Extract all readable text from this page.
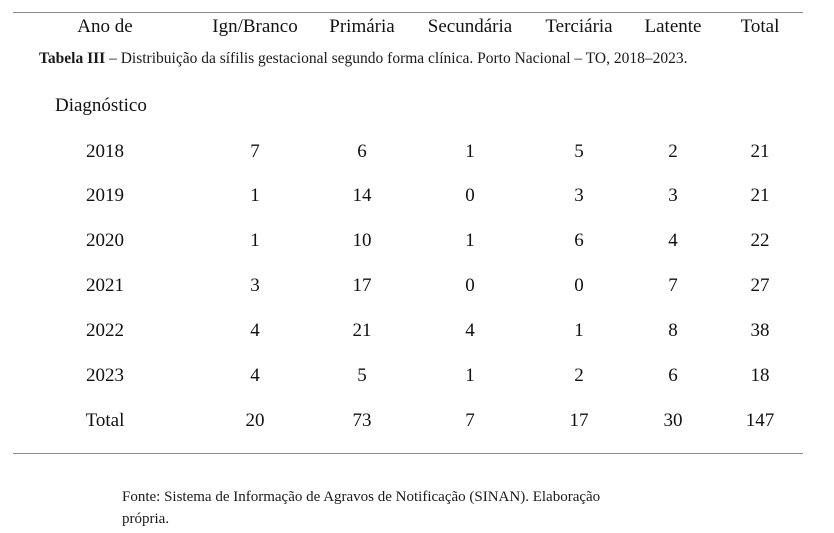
Ano de	Ign/Branco Primária Secundária Terciária Latente Total
Tabela III – Distribuição da sífilis gestacional segundo forma clínica. Porto Nacional – TO, 2018–2023.
Diagnóstico
2018	7	6	1	5	2	21
2019	1	14	0	3	3	21
2020	1	10	1	6	4	22
2021	3	17	0	0	7	27
2022	4	21	4	1	8	38
2023	4	5	1	2	6	18
Total	20	73	7	17	30	147
Fonte: Sistema de Informação de Agravos de Notificação (SINAN). Elaboração
própria.
